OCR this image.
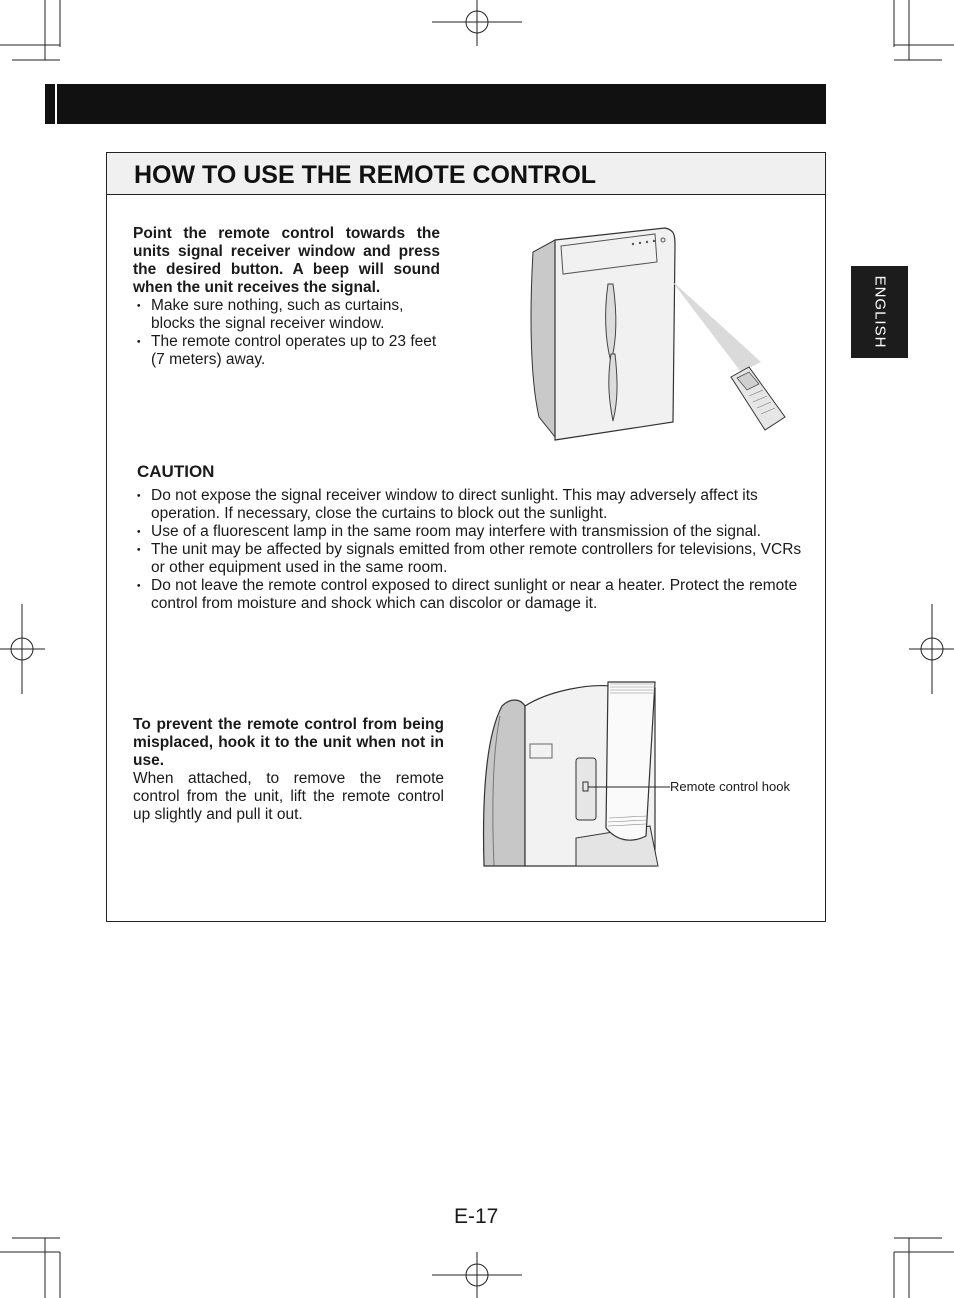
ENGLISH
HOW TO USE THE REMOTE CONTROL

Point the remote control towards the units signal receiver window and press the desired button. A beep will sound when the unit receives the signal.

・ Make sure nothing, such as curtains, blocks the signal receiver window.
・ The remote control operates up to 23 feet (7 meters) away.
CAUTION
・ Do not expose the signal receiver window to direct sunlight. This may adversely affect its operation. If necessary, close the curtains to block out the sunlight.
・ Use of a fluorescent lamp in the same room may interfere with transmission of the signal.
・ The unit may be affected by signals emitted from other remote controllers for televisions, VCRs or other equipment used in the same room.
・ Do not leave the remote control exposed to direct sunlight or near a heater. Protect the remote control from moisture and shock which can discolor or damage it.

To prevent the remote control from being misplaced, hook it to the unit when not in use.

When attached, to remove the remote control from the unit, lift the remote control up slightly and pull it out.

Remote control hook
E-17
